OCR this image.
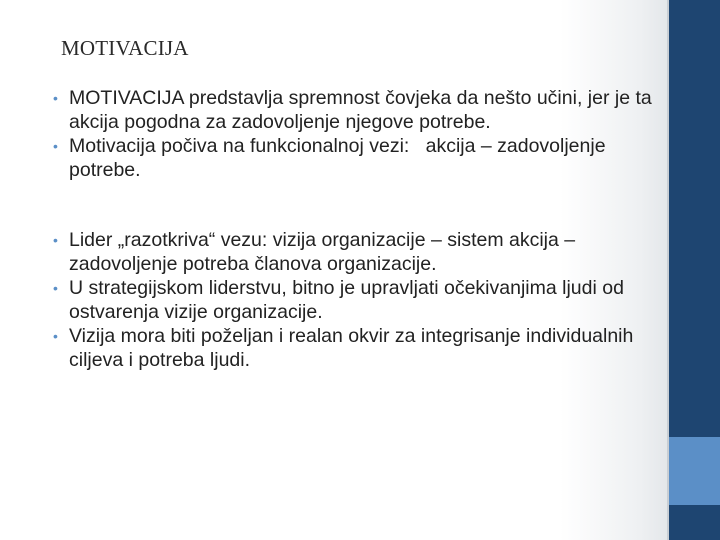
MOTIVACIJA
• MOTIVACIJA predstavlja spremnost čovjeka da nešto učini, jer je ta akcija pogodna za zadovoljenje njegove potrebe.
• Motivacija počiva na funkcionalnoj vezi:   akcija – zadovoljenje potrebe.
• Lider „razotkriva“ vezu: vizija organizacije – sistem akcija – zadovoljenje potreba članova organizacije.
• U strategijskom liderstvu, bitno je upravljati očekivanjima ljudi od ostvarenja vizije organizacije.
• Vizija mora biti poželjan i realan okvir za integrisanje individualnih ciljeva i potreba ljudi.
